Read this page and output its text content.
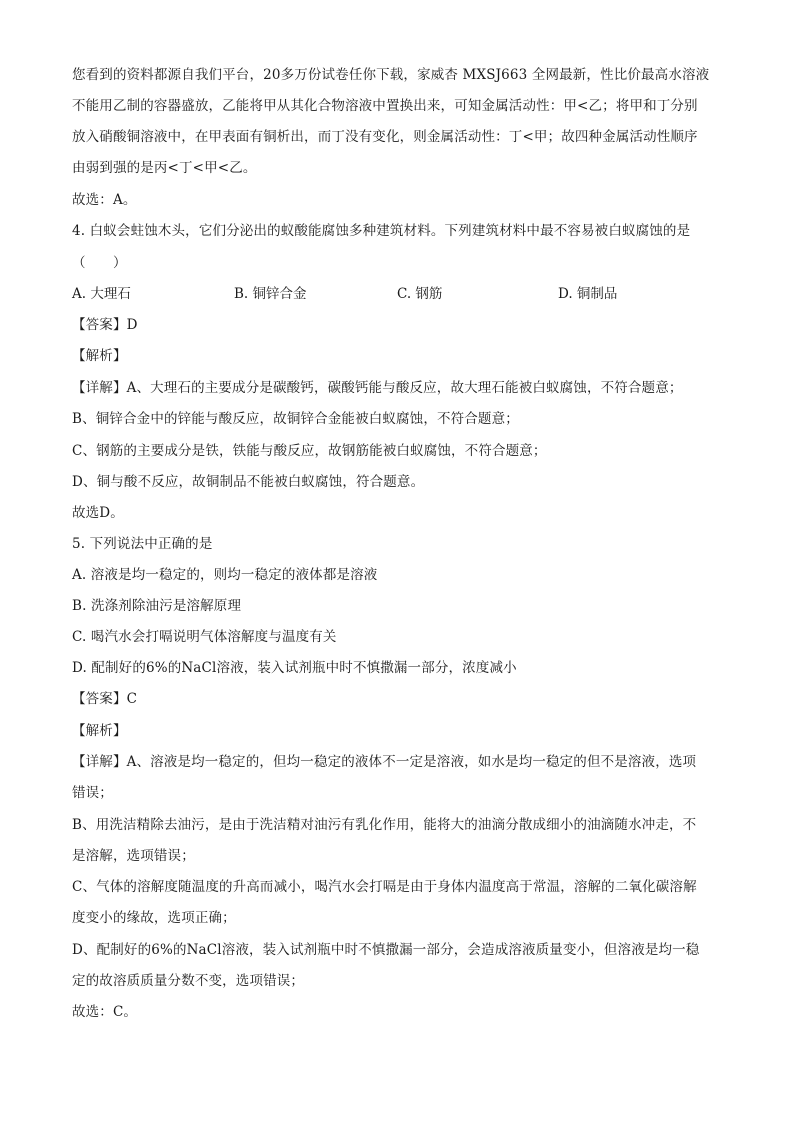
您看到的资料都源自我们平台，20多万份试卷任你下载，家威杏 MXSJ663 全网最新，性比价最高水溶液
不能用乙制的容器盛放，乙能将甲从其化合物溶液中置换出来，可知金属活动性：甲<乙；将甲和丁分别
放入硝酸铜溶液中，在甲表面有铜析出，而丁没有变化，则金属活动性：丁<甲；故四种金属活动性顺序
由弱到强的是丙<丁<甲<乙。
故选：A。
4. 白蚁会蛀蚀木头，它们分泌出的蚁酸能腐蚀多种建筑材料。下列建筑材料中最不容易被白蚁腐蚀的是
（　　）
A. 大理石	B. 铜锌合金	C. 钢筋	D. 铜制品
【答案】D
【解析】
【详解】A、大理石的主要成分是碳酸钙，碳酸钙能与酸反应，故大理石能被白蚁腐蚀，不符合题意；
B、铜锌合金中的锌能与酸反应，故铜锌合金能被白蚁腐蚀，不符合题意；
C、钢筋的主要成分是铁，铁能与酸反应，故钢筋能被白蚁腐蚀，不符合题意；
D、铜与酸不反应，故铜制品不能被白蚁腐蚀，符合题意。
故选D。
5. 下列说法中正确的是
A. 溶液是均一稳定的，则均一稳定的液体都是溶液
B. 洗涤剂除油污是溶解原理
C. 喝汽水会打嗝说明气体溶解度与温度有关
D. 配制好的6%的NaCl溶液，装入试剂瓶中时不慎撒漏一部分，浓度减小
【答案】C
【解析】
【详解】A、溶液是均一稳定的，但均一稳定的液体不一定是溶液，如水是均一稳定的但不是溶液，选项
错误；
B、用洗洁精除去油污，是由于洗洁精对油污有乳化作用，能将大的油滴分散成细小的油滴随水冲走，不
是溶解，选项错误；
C、气体的溶解度随温度的升高而减小，喝汽水会打嗝是由于身体内温度高于常温，溶解的二氧化碳溶解
度变小的缘故，选项正确；
D、配制好的6%的NaCl溶液，装入试剂瓶中时不慎撒漏一部分，会造成溶液质量变小，但溶液是均一稳
定的故溶质质量分数不变，选项错误；
故选：C。
